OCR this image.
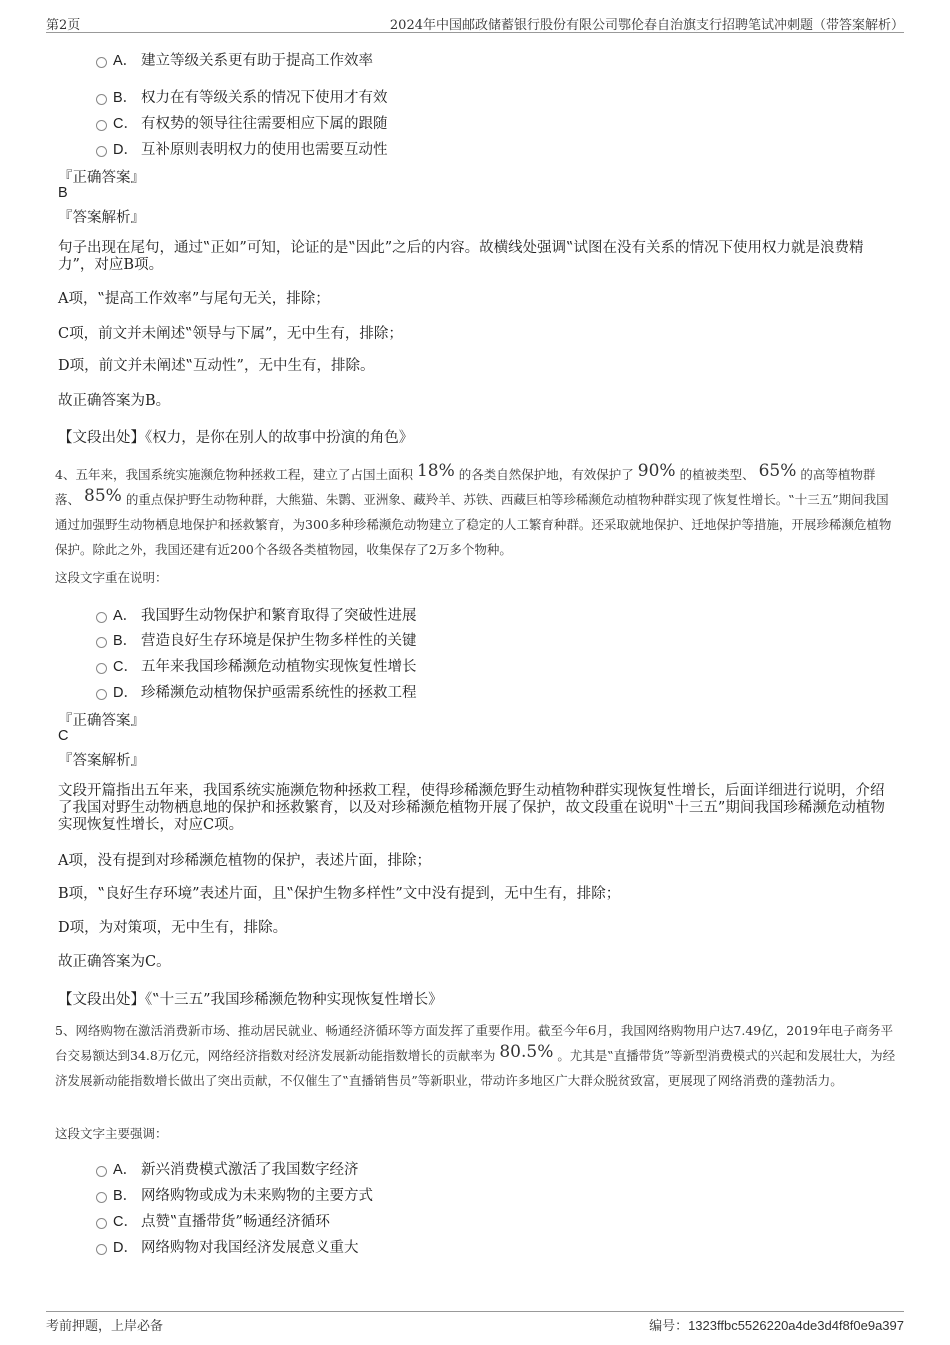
第2页	2024年中国邮政储蓄银行股份有限公司鄂伦春自治旗支行招聘笔试冲刺题（带答案解析）
A． 建立等级关系更有助于提高工作效率
B． 权力在有等级关系的情况下使用才有效
C． 有权势的领导往往需要相应下属的跟随
D． 互补原则表明权力的使用也需要互动性
『正确答案』
B
『答案解析』
句子出现在尾句，通过‟正如”可知，论证的是‟因此”之后的内容。故横线处强调‟试图在没有关系的情况下使用权力就是浪费精力”，对应B项。
A项，‟提高工作效率”与尾句无关，排除；
C项，前文并未阐述‟领导与下属”，无中生有，排除；
D项，前文并未阐述‟互动性”，无中生有，排除。
故正确答案为B。
【文段出处】《权力，是你在别人的故事中扮演的角色》
4、五年来，我国系统实施濒危物种拯救工程，建立了占国土面积 18% 的各类自然保护地，有效保护了 90% 的植被类型、 65% 的高等植物群落、 85% 的重点保护野生动物种群，大熊猫、朱鹮、亚洲象、藏羚羊、苏铁、西藏巨柏等珍稀濒危动植物种群实现了恢复性增长。‟十三五”期间我国通过加强野生动物栖息地保护和拯救繁育，为300多种珍稀濒危动物建立了稳定的人工繁育种群。还采取就地保护、迁地保护等措施，开展珍稀濒危植物保护。除此之外，我国还建有近200个各级各类植物园，收集保存了2万多个物种。
这段文字重在说明：
A． 我国野生动物保护和繁育取得了突破性进展
B． 营造良好生存环境是保护生物多样性的关键
C． 五年来我国珍稀濒危动植物实现恢复性增长
D． 珍稀濒危动植物保护亟需系统性的拯救工程
『正确答案』
C
『答案解析』
文段开篇指出五年来，我国系统实施濒危物种拯救工程，使得珍稀濒危野生动植物种群实现恢复性增长，后面详细进行说明，介绍了我国对野生动物栖息地的保护和拯救繁育，以及对珍稀濒危植物开展了保护，故文段重在说明‟十三五”期间我国珍稀濒危动植物实现恢复性增长，对应C项。
A项，没有提到对珍稀濒危植物的保护，表述片面，排除；
B项，‟良好生存环境”表述片面，且‟保护生物多样性”文中没有提到，无中生有，排除；
D项，为对策项，无中生有，排除。
故正确答案为C。
【文段出处】《‟十三五”我国珍稀濒危物种实现恢复性增长》
5、网络购物在激活消费新市场、推动居民就业、畅通经济循环等方面发挥了重要作用。截至今年6月，我国网络购物用户达7.49亿，2019年电子商务平台交易额达到34.8万亿元，网络经济指数对经济发展新动能指数增长的贡献率为 80.5% 。尤其是‟直播带货”等新型消费模式的兴起和发展壮大，为经济发展新动能指数增长做出了突出贡献，不仅催生了‟直播销售员”等新职业，带动许多地区广大群众脱贫致富，更展现了网络消费的蓬勃活力。
这段文字主要强调：
A． 新兴消费模式激活了我国数字经济
B． 网络购物或成为未来购物的主要方式
C． 点赞‟直播带货”畅通经济循环
D． 网络购物对我国经济发展意义重大
考前押题，上岸必备	编号：1323ffbc5526220a4de3d4f8f0e9a397
